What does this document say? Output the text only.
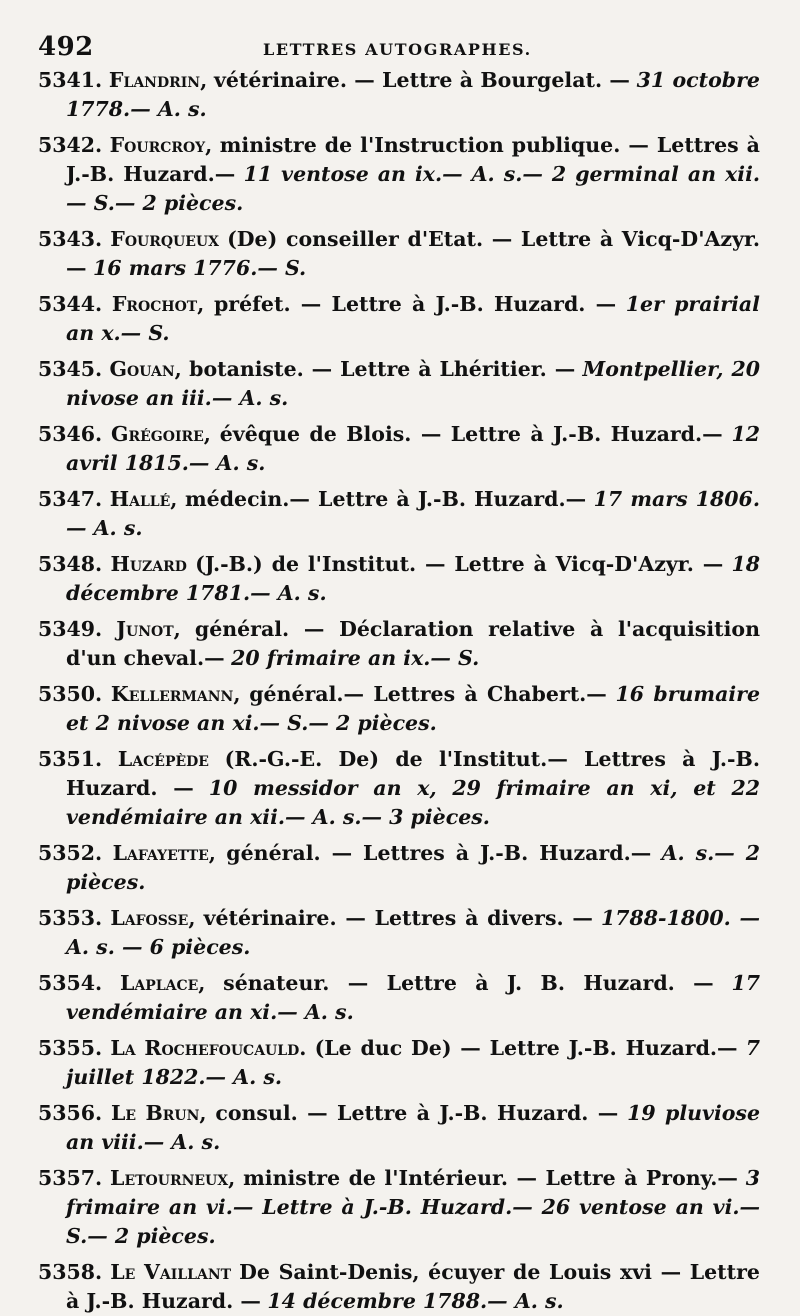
492	LETTRES AUTOGRAPHES.

5341. Flandrin, vétérinaire. — Lettre à Bourgelat. — 31 octobre 1778.— A. s.

5342. Fourcroy, ministre de l'Instruction publique. — Lettres à J.-B. Huzard.— 11 ventose an ix.— A. s.— 2 germinal an xii. — S.— 2 pièces.

5343. Fourqueux (De) conseiller d'Etat. — Lettre à Vicq-D'Azyr. — 16 mars 1776.— S.

5344. Frochot, préfet. — Lettre à J.-B. Huzard. — 1er prairial an x.— S.

5345. Gouan, botaniste. — Lettre à Lhéritier. — Montpellier, 20 nivose an iii.— A. s.

5346. Grégoire, évêque de Blois. — Lettre à J.-B. Huzard.— 12 avril 1815.— A. s.

5347. Hallé, médecin.— Lettre à J.-B. Huzard.— 17 mars 1806. — A. s.

5348. Huzard (J.-B.) de l'Institut. — Lettre à Vicq-D'Azyr. — 18 décembre 1781.— A. s.

5349. Junot, général. — Déclaration relative à l'acquisition d'un cheval.— 20 frimaire an ix.— S.

5350. Kellermann, général.— Lettres à Chabert.— 16 brumaire et 2 nivose an xi.— S.— 2 pièces.

5351. Lacépède (R.-G.-E. De) de l'Institut.— Lettres à J.-B. Huzard. — 10 messidor an x, 29 frimaire an xi, et 22 vendémiaire an xii.— A. s.— 3 pièces.

5352. Lafayette, général. — Lettres à J.-B. Huzard.— A. s.— 2 pièces.

5353. Lafosse, vétérinaire. — Lettres à divers. — 1788-1800. — A. s. — 6 pièces.

5354. Laplace, sénateur. — Lettre à J. B. Huzard. — 17 vendémiaire an xi.— A. s.

5355. La Rochefoucauld. (Le duc De) — Lettre J.-B. Huzard.— 7 juillet 1822.— A. s.

5356. Le Brun, consul. — Lettre à J.-B. Huzard. — 19 pluviose an viii.— A. s.

5357. Letourneux, ministre de l'Intérieur. — Lettre à Prony.— 3 frimaire an vi.— Lettre à J.-B. Huzard.— 26 ventose an vi.— S.— 2 pièces.

5358. Le Vaillant De Saint-Denis, écuyer de Louis xvi — Lettre à J.-B. Huzard. — 14 décembre 1788.— A. s.
